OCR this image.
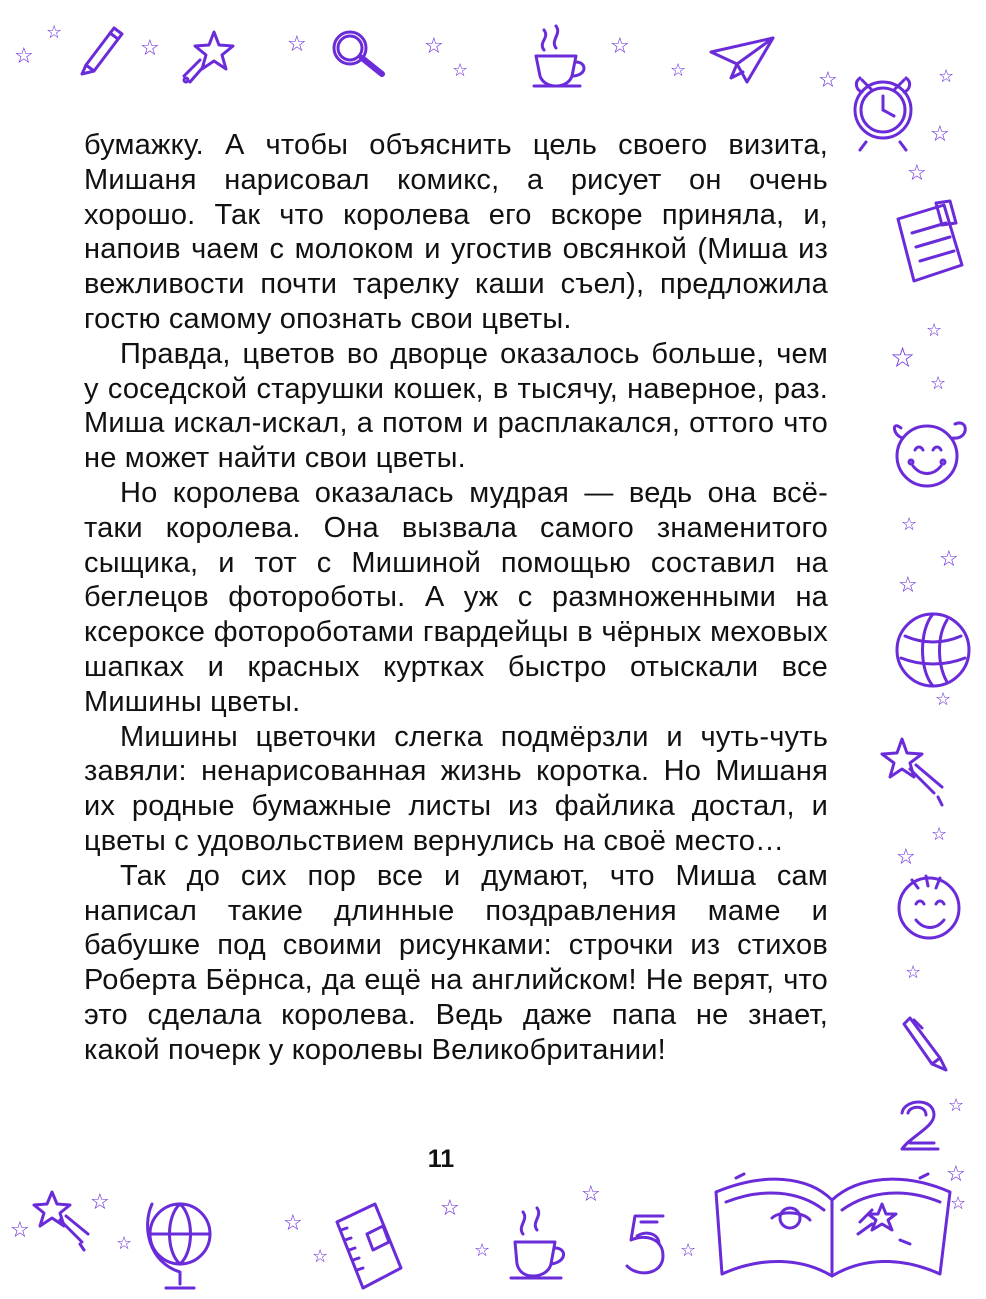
☆
☆
☆	☆	☆
☆
☆
☆	☆	☆
☆
☆
☆
☆
☆
☆
☆
☆
☆
☆
☆
☆
☆
☆
☆
☆
☆
☆
☆
☆
☆
☆
☆
☆

бумажку. А чтобы объяснить цель своего визита, Мишаня нарисовал комикс, а рисует он очень хорошо. Так что королева его вскоре приняла, и, напоив чаем с молоком и угостив овсянкой (Миша из вежливости почти тарелку каши съел), предложила гостю самому опознать свои цветы.

Правда, цветов во дворце оказалось больше, чем у соседской старушки кошек, в тысячу, наверное, раз. Миша искал-искал, а потом и расплакался, оттого что не может найти свои цветы.

Но королева оказалась мудрая — ведь она всё-таки королева. Она вызвала самого знаменитого сыщика, и тот с Мишиной помощью составил на беглецов фотороботы. А уж с размноженными на ксероксе фотороботами гвардейцы в чёрных меховых шапках и красных куртках быстро отыскали все Мишины цветы.

Мишины цветочки слегка подмёрзли и чуть-чуть завяли: ненарисованная жизнь коротка. Но Мишаня их родные бумажные листы из файлика достал, и цветы с удовольствием вернулись на своё место…

Так до сих пор все и думают, что Миша сам написал такие длинные поздравления маме и бабушке под своими рисунками: строчки из стихов Роберта Бёрнса, да ещё на английском! Не верят, что это сделала королева. Ведь даже папа не знает, какой почерк у королевы Великобритании!

11
